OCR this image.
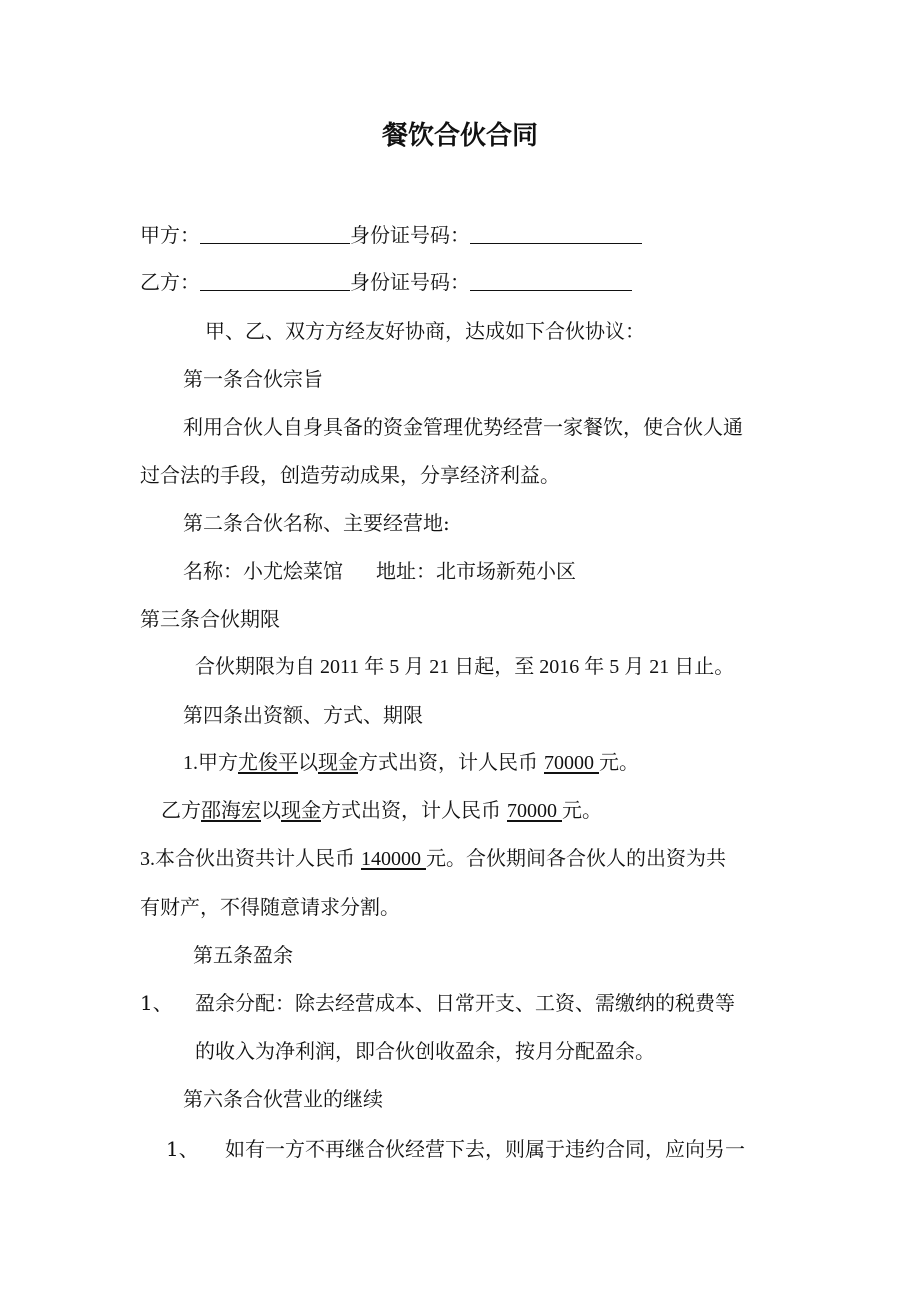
餐饮合伙合同
甲方：	身份证号码：
乙方：	身份证号码：
甲、乙、双方方经友好协商，达成如下合伙协议：
第一条合伙宗旨
利用合伙人自身具备的资金管理优势经营一家餐饮，使合伙人通
过合法的手段，创造劳动成果，分享经济利益。
第二条合伙名称、主要经营地:
名称：小尤烩菜馆 地址：北市场新苑小区
第三条合伙期限
合伙期限为自 2011 年 5 月 21 日起，至 2016 年 5 月 21 日止。
第四条出资额、方式、期限
1.甲方尤俊平以现金方式出资，计人民币 70000 元。
乙方邵海宏以现金方式出资，计人民币 70000 元。
3.本合伙出资共计人民币 140000 元。合伙期间各合伙人的出资为共
有财产，不得随意请求分割。
第五条盈余
1、 盈余分配：除去经营成本、日常开支、工资、需缴纳的税费等
的收入为净利润，即合伙创收盈余，按月分配盈余。
第六条合伙营业的继续
1、 如有一方不再继合伙经营下去，则属于违约合同，应向另一
